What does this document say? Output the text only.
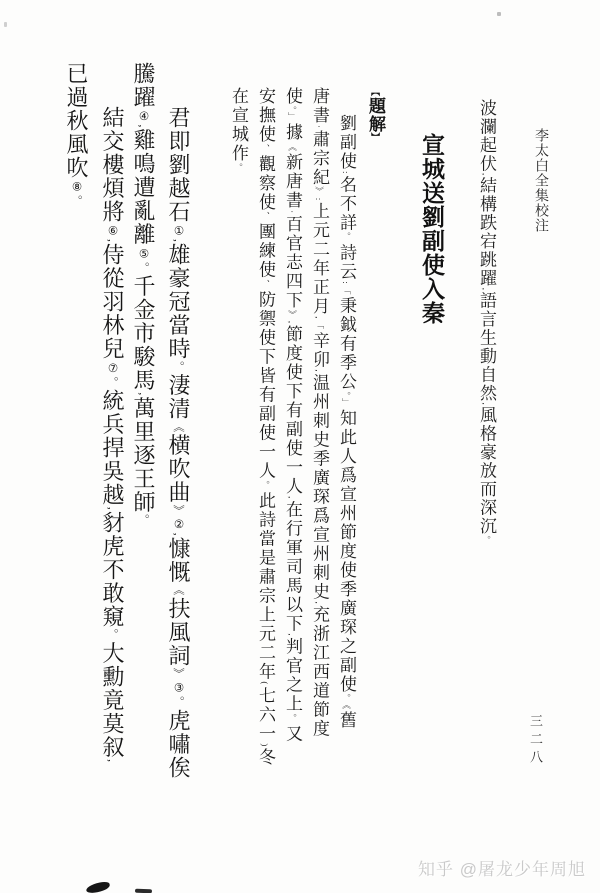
李太白全集校注
波瀾起伏,結構跌宕跳躍,語言生動自然,風格豪放而深沉。
宣城送劉副使入秦
【題解】
劉副使:名不詳。詩云:「秉鉞有季公。」知此人爲宣州節度使季廣琛之副使。《舊
唐書·肅宗紀》:上元二年正月,「辛卯,温州刺史季廣琛爲宣州刺史,充浙江西道節度
使。」據《新唐書·百官志四下》,節度使下有副使一人,在行軍司馬以下,判官之上。又
安撫使、觀察使、團練使、防禦使下皆有副使一人。此詩當是肅宗上元二年(七六一)冬
在宣城作。
君即劉越石①,雄豪冠當時。淒清《横吹曲》②,慷慨《扶風詞》③。虎嘯俟
騰躍④,雞鳴遭亂離⑤。千金市駿馬,萬里逐王師。
結交樓煩將⑥,侍從羽林兒⑦。統兵捍吳越,豺虎不敢窺。大勳竟莫叙,
已過秋風吹⑧。
三二八
知乎 @屠龙少年周旭
